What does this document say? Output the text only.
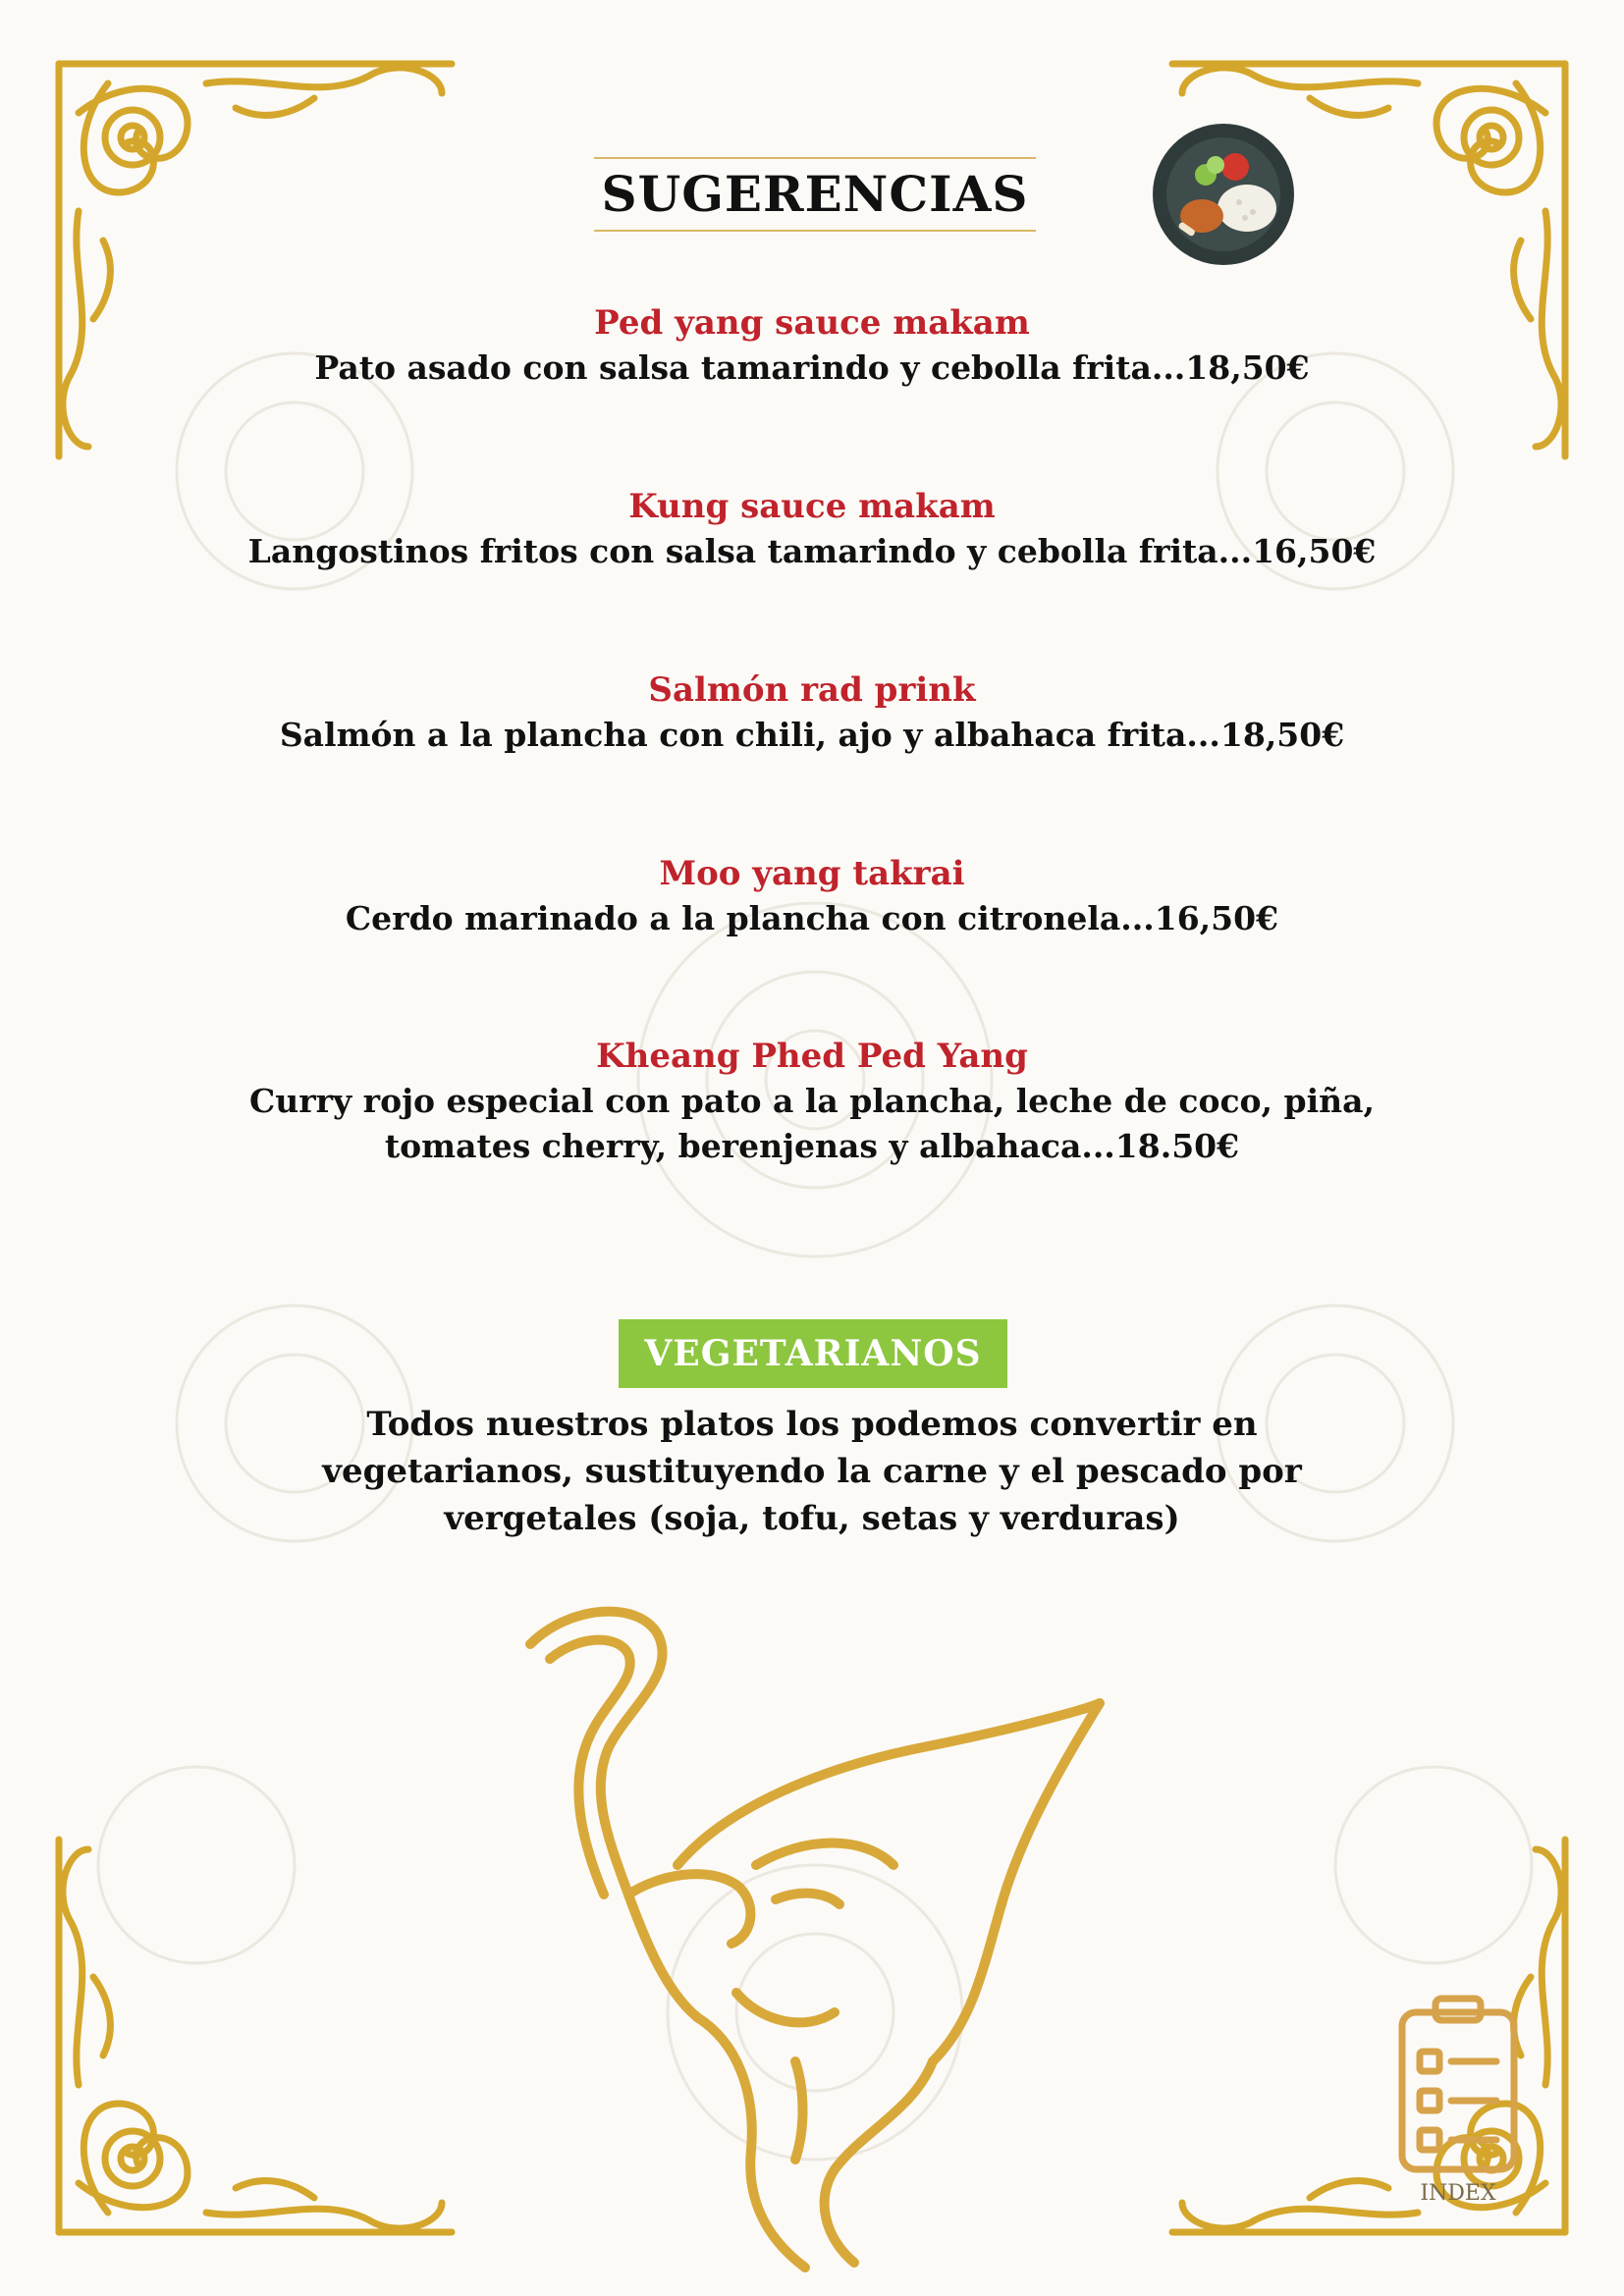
SUGERENCIAS
Ped yang sauce makam
Pato asado con salsa tamarindo y cebolla frita...18,50€
Kung sauce makam
Langostinos fritos con salsa tamarindo y cebolla frita...16,50€
Salmón rad prink
Salmón a la plancha con chili, ajo y albahaca frita...18,50€
Moo yang takrai
Cerdo marinado a la plancha con citronela...16,50€
Kheang Phed Ped Yang
Curry rojo especial con pato a la plancha, leche de coco, piña,
tomates cherry, berenjenas y albahaca...18.50€
VEGETARIANOS
Todos nuestros platos los podemos convertir en
vegetarianos, sustituyendo la carne y el pescado por
vergetales (soja, tofu, setas y verduras)
INDEX
